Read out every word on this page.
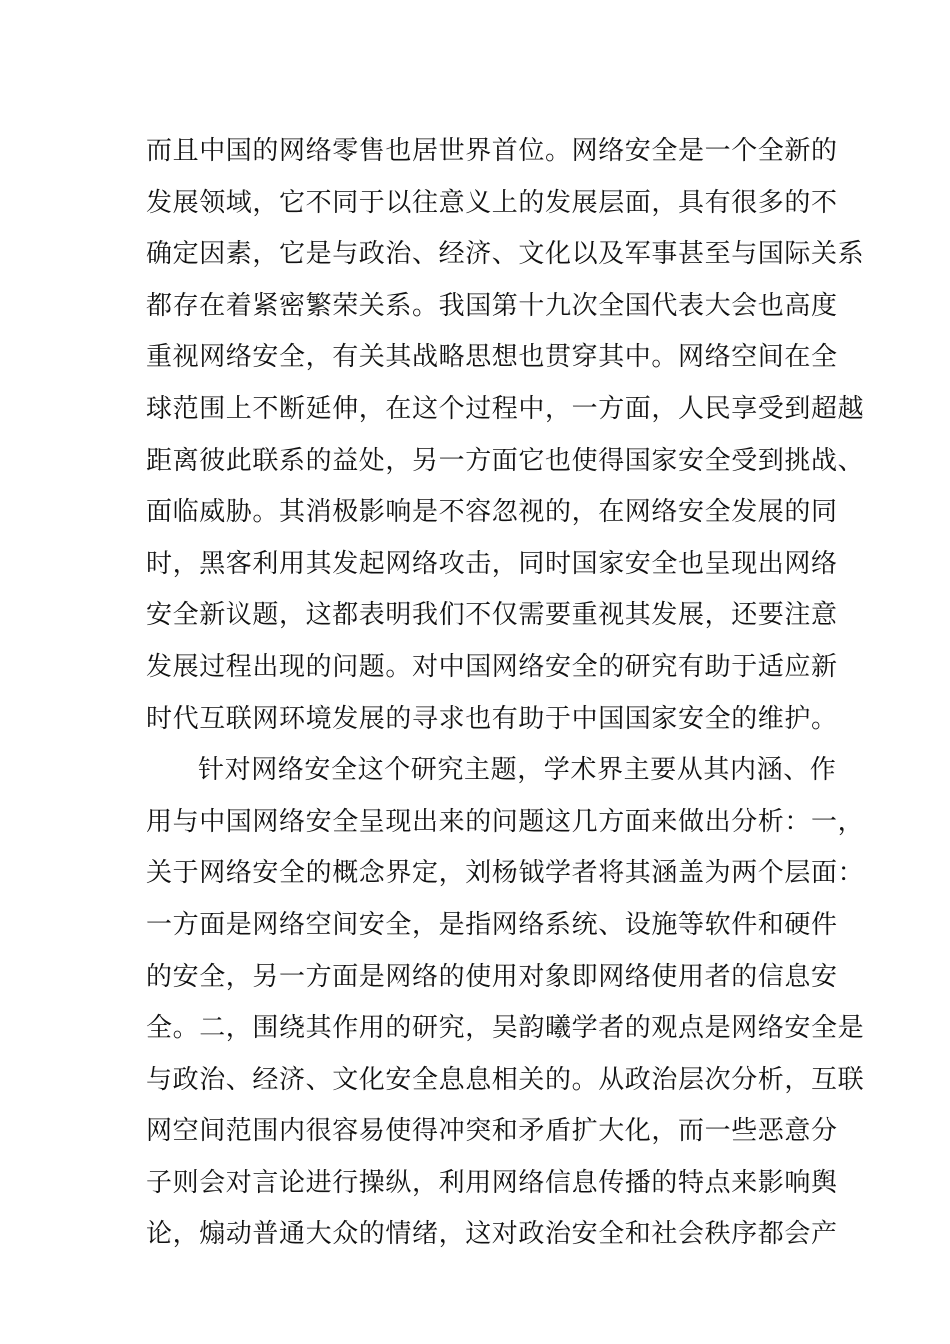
而且中国的网络零售也居世界首位。网络安全是一个全新的
发展领域，它不同于以往意义上的发展层面，具有很多的不
确定因素，它是与政治、经济、文化以及军事甚至与国际关系
都存在着紧密繁荣关系。我国第十九次全国代表大会也高度
重视网络安全，有关其战略思想也贯穿其中。网络空间在全
球范围上不断延伸，在这个过程中，一方面，人民享受到超越
距离彼此联系的益处，另一方面它也使得国家安全受到挑战、
面临威胁。其消极影响是不容忽视的，在网络安全发展的同
时，黑客利用其发起网络攻击，同时国家安全也呈现出网络
安全新议题，这都表明我们不仅需要重视其发展，还要注意
发展过程出现的问题。对中国网络安全的研究有助于适应新
时代互联网环境发展的寻求也有助于中国国家安全的维护。
针对网络安全这个研究主题，学术界主要从其内涵、作
用与中国网络安全呈现出来的问题这几方面来做出分析：一，
关于网络安全的概念界定，刘杨钺学者将其涵盖为两个层面：
一方面是网络空间安全，是指网络系统、设施等软件和硬件
的安全，另一方面是网络的使用对象即网络使用者的信息安
全。二，围绕其作用的研究，吴韵曦学者的观点是网络安全是
与政治、经济、文化安全息息相关的。从政治层次分析，互联
网空间范围内很容易使得冲突和矛盾扩大化，而一些恶意分
子则会对言论进行操纵，利用网络信息传播的特点来影响舆
论，煽动普通大众的情绪，这对政治安全和社会秩序都会产
